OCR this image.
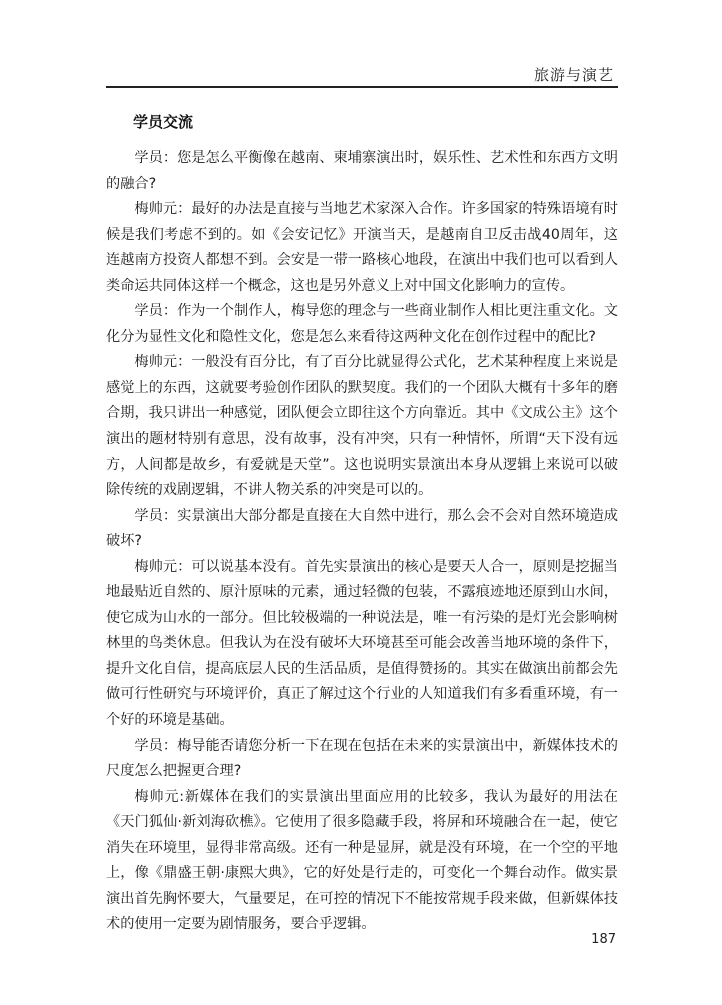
旅游与演艺
学员交流

学员：您是怎么平衡像在越南、柬埔寨演出时，娱乐性、艺术性和东西方文明的融合?

梅帅元：最好的办法是直接与当地艺术家深入合作。许多国家的特殊语境有时候是我们考虑不到的。如《会安记忆》开演当天，是越南自卫反击战40周年，这连越南方投资人都想不到。会安是一带一路核心地段，在演出中我们也可以看到人类命运共同体这样一个概念，这也是另外意义上对中国文化影响力的宣传。

学员：作为一个制作人，梅导您的理念与一些商业制作人相比更注重文化。文化分为显性文化和隐性文化，您是怎么来看待这两种文化在创作过程中的配比?

梅帅元：一般没有百分比，有了百分比就显得公式化，艺术某种程度上来说是感觉上的东西，这就要考验创作团队的默契度。我们的一个团队大概有十多年的磨合期，我只讲出一种感觉，团队便会立即往这个方向靠近。其中《文成公主》这个演出的题材特别有意思，没有故事，没有冲突，只有一种情怀，所谓“天下没有远方，人间都是故乡，有爱就是天堂”。这也说明实景演出本身从逻辑上来说可以破除传统的戏剧逻辑，不讲人物关系的冲突是可以的。

学员：实景演出大部分都是直接在大自然中进行，那么会不会对自然环境造成破坏?

梅帅元：可以说基本没有。首先实景演出的核心是要天人合一，原则是挖掘当地最贴近自然的、原汁原味的元素，通过轻微的包装，不露痕迹地还原到山水间，使它成为山水的一部分。但比较极端的一种说法是，唯一有污染的是灯光会影响树林里的鸟类休息。但我认为在没有破坏大环境甚至可能会改善当地环境的条件下，提升文化自信，提高底层人民的生活品质，是值得赞扬的。其实在做演出前都会先做可行性研究与环境评价，真正了解过这个行业的人知道我们有多看重环境，有一个好的环境是基础。

学员：梅导能否请您分析一下在现在包括在未来的实景演出中，新媒体技术的尺度怎么把握更合理?

梅帅元:新媒体在我们的实景演出里面应用的比较多，我认为最好的用法在《天门狐仙·新刘海砍樵》。它使用了很多隐藏手段，将屏和环境融合在一起，使它消失在环境里，显得非常高级。还有一种是显屏，就是没有环境，在一个空的平地上，像《鼎盛王朝·康熙大典》，它的好处是行走的，可变化一个舞台动作。做实景演出首先胸怀要大，气量要足，在可控的情况下不能按常规手段来做，但新媒体技术的使用一定要为剧情服务，要合乎逻辑。

187
